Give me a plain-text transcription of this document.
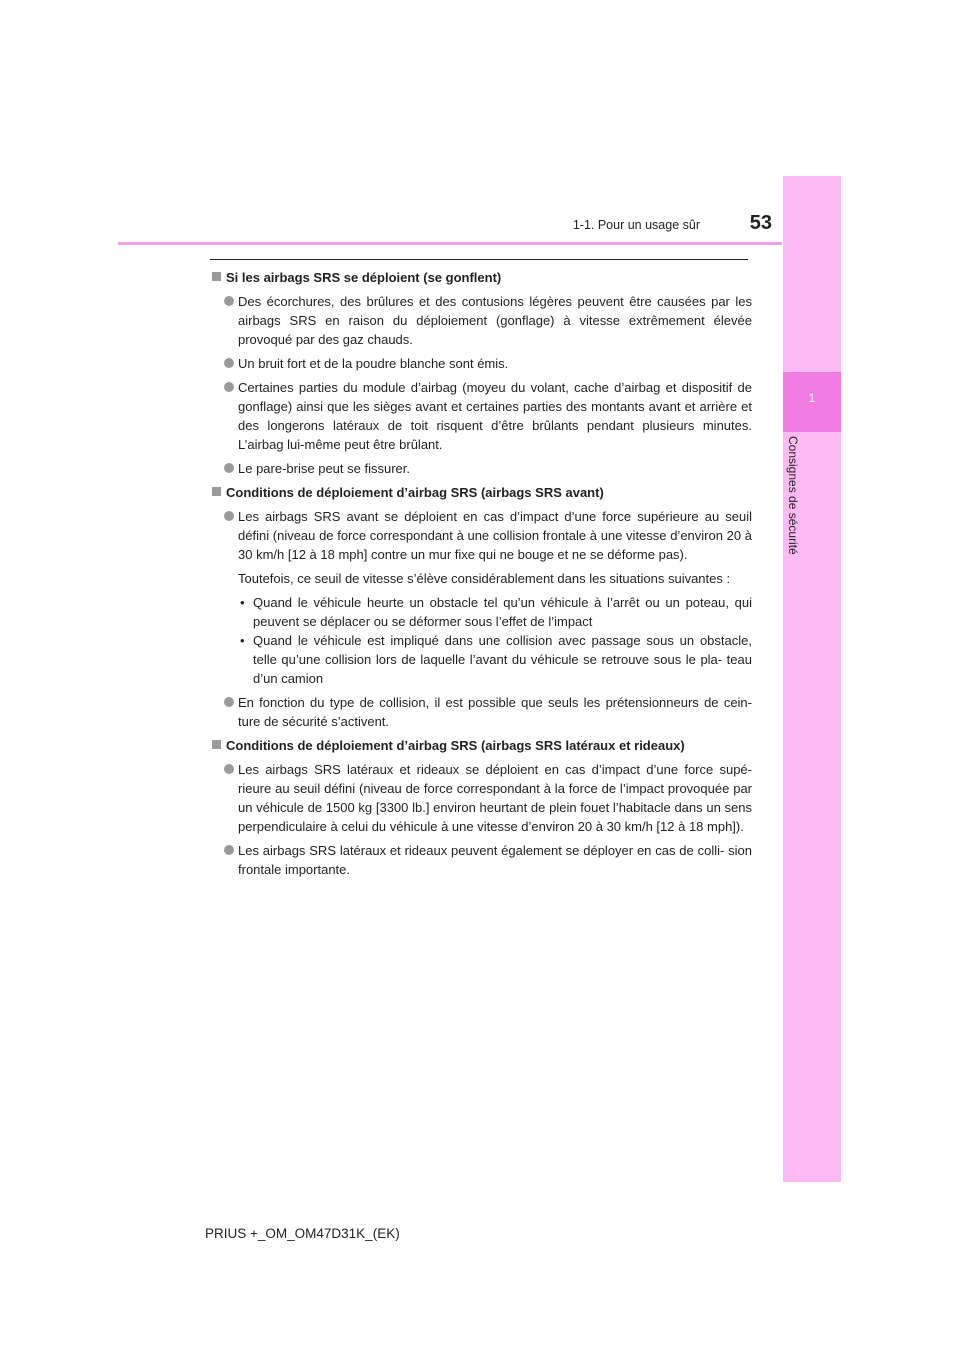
1-1. Pour un usage sûr	53
1
Consignes de sécurité
Si les airbags SRS se déploient (se gonflent)
Des écorchures, des brûlures et des contusions légères peuvent être causées par les airbags SRS en raison du déploiement (gonflage) à vitesse extrêmement élevée provoqué par des gaz chauds.
Un bruit fort et de la poudre blanche sont émis.
Certaines parties du module d’airbag (moyeu du volant, cache d’airbag et dispositif de gonflage) ainsi que les sièges avant et certaines parties des montants avant et arrière et des longerons latéraux de toit risquent d’être brûlants pendant plusieurs minutes. L’airbag lui-même peut être brûlant.
Le pare-brise peut se fissurer.
Conditions de déploiement d’airbag SRS (airbags SRS avant)
Les airbags SRS avant se déploient en cas d’impact d’une force supérieure au seuil défini (niveau de force correspondant à une collision frontale à une vitesse d’environ 20 à 30 km/h [12 à 18 mph] contre un mur fixe qui ne bouge et ne se déforme pas).
Toutefois, ce seuil de vitesse s’élève considérablement dans les situations suivantes :
• Quand le véhicule heurte un obstacle tel qu’un véhicule à l’arrêt ou un poteau, qui peuvent se déplacer ou se déformer sous l’effet de l’impact
• Quand le véhicule est impliqué dans une collision avec passage sous un obstacle, telle qu’une collision lors de laquelle l’avant du véhicule se retrouve sous le pla- teau d’un camion
En fonction du type de collision, il est possible que seuls les prétensionneurs de cein- ture de sécurité s’activent.
Conditions de déploiement d’airbag SRS (airbags SRS latéraux et rideaux)
Les airbags SRS latéraux et rideaux se déploient en cas d’impact d’une force supé- rieure au seuil défini (niveau de force correspondant à la force de l’impact provoquée par un véhicule de 1500 kg [3300 lb.] environ heurtant de plein fouet l’habitacle dans un sens perpendiculaire à celui du véhicule à une vitesse d’environ 20 à 30 km/h [12 à 18 mph]).
Les airbags SRS latéraux et rideaux peuvent également se déployer en cas de colli- sion frontale importante.
PRIUS +_OM_OM47D31K_(EK)
